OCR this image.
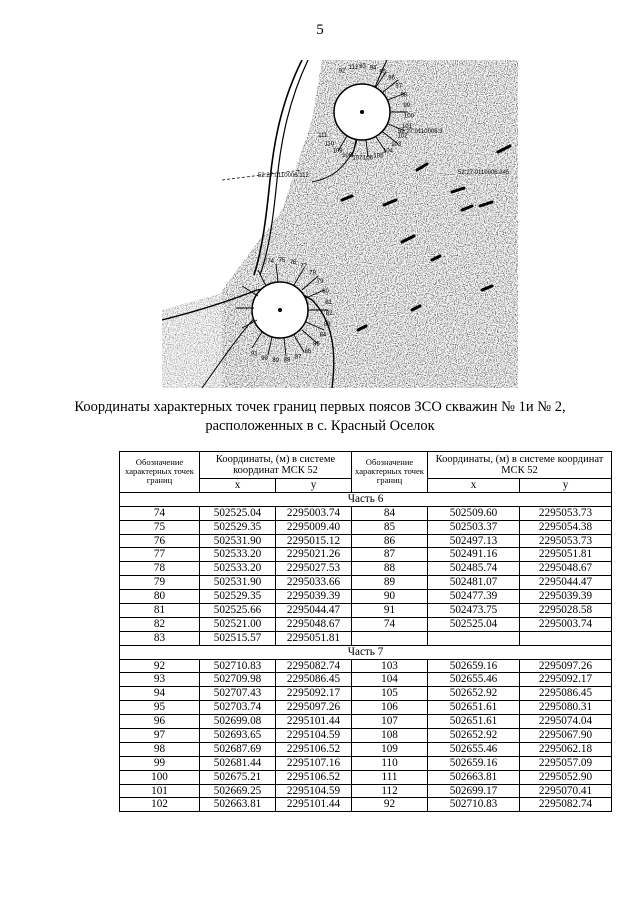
5
52:27:0110006:3
52:27:0110006:112	52:27:0110006:245
92
112 93 94
95
96
97
98
99
100
101
102
103
104
105
106
107
108
109
110
111
74 75 76
77
78
79
80
81
82
83
84
85
86
87
88
89
90
91
Координаты характерных точек границ первых поясов ЗСО скважин № 1и № 2,
расположенных в с. Красный Оселок
Обозначение характерных точек границ	Координаты, (м) в системе координат МСК 52		Обозначение характерных точек границ	Координаты, (м) в системе координат МСК 52	
	х	у		х	у
Часть 6					
74	502525.04	2295003.74	84	502509.60	2295053.73
75	502529.35	2295009.40	85	502503.37	2295054.38
76	502531.90	2295015.12	86	502497.13	2295053.73
77	502533.20	2295021.26	87	502491.16	2295051.81
78	502533.20	2295027.53	88	502485.74	2295048.67
79	502531.90	2295033.66	89	502481.07	2295044.47
80	502529.35	2295039.39	90	502477.39	2295039.39
81	502525.66	2295044.47	91	502473.75	2295028.58
82	502521.00	2295048.67	74	502525.04	2295003.74
83	502515.57	2295051.81			
Часть 7					
92	502710.83	2295082.74	103	502659.16	2295097.26
93	502709.98	2295086.45	104	502655.46	2295092.17
94	502707.43	2295092.17	105	502652.92	2295086.45
95	502703.74	2295097.26	106	502651.61	2295080.31
96	502699.08	2295101.44	107	502651.61	2295074.04
97	502693.65	2295104.59	108	502652.92	2295067.90
98	502687.69	2295106.52	109	502655.46	2295062.18
99	502681.44	2295107.16	110	502659.16	2295057.09
100	502675.21	2295106.52	111	502663.81	2295052.90
101	502669.25	2295104.59	112	502699.17	2295070.41
102	502663.81	2295101.44	92	502710.83	2295082.74
